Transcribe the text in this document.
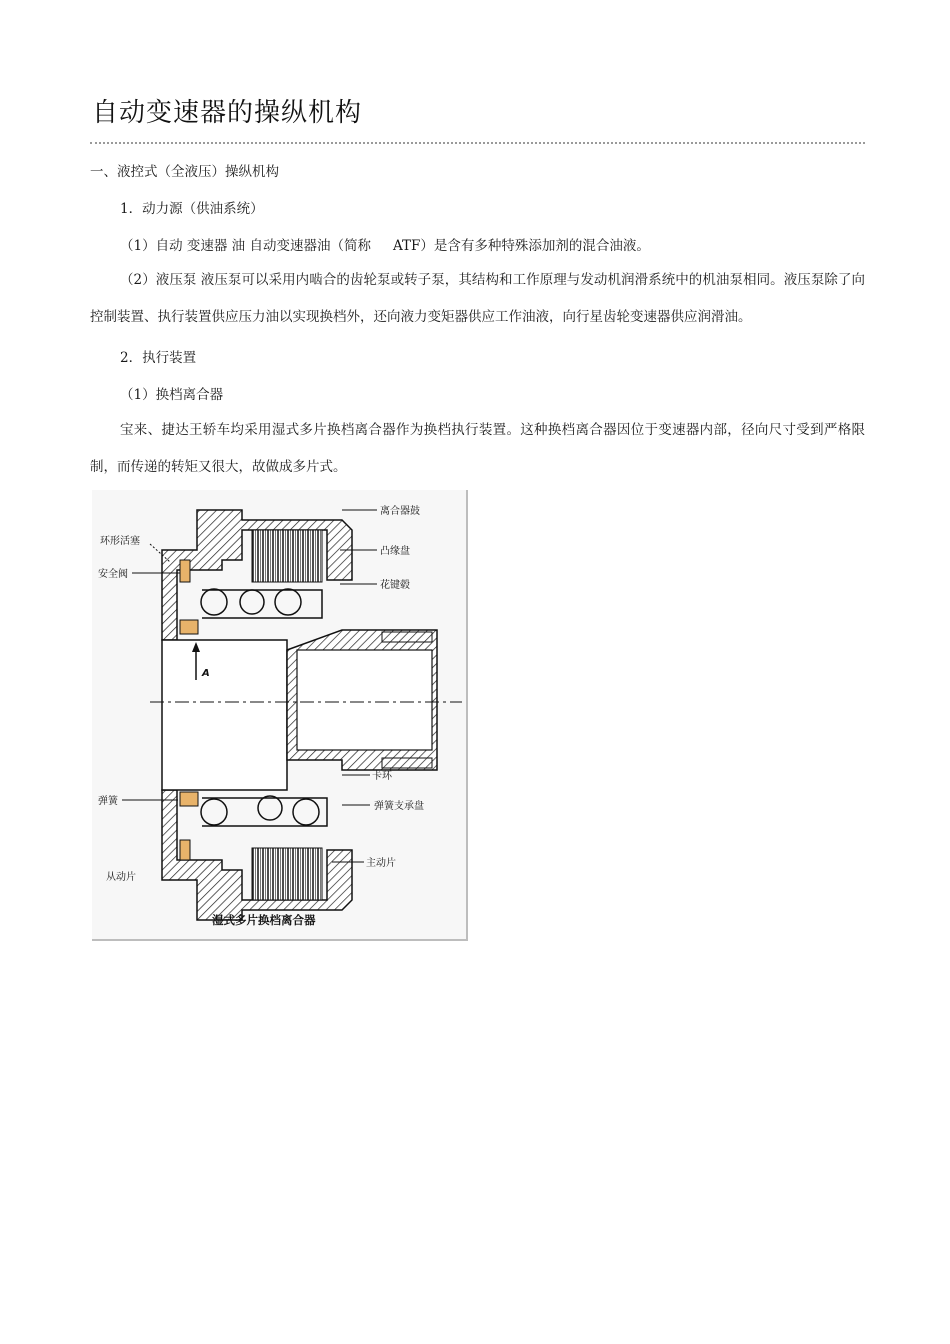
自动变速器的操纵机构

一、液控式（全液压）操纵机构

1．动力源（供油系统）

（1）自动 变速器 油 自动变速器油（简称 ATF）是含有多种特殊添加剂的混合油液。

（2）液压泵 液压泵可以采用内啮合的齿轮泵或转子泵，其结构和工作原理与发动机润滑系统中的机油泵相同。液压泵除了向控制装置、执行装置供应压力油以实现换档外，还向液力变矩器供应工作油液，向行星齿轮变速器供应润滑油。

2．执行装置

（1）换档离合器

宝来、捷达王轿车均采用湿式多片换档离合器作为换档执行装置。这种换档离合器因位于变速器内部，径向尺寸受到严格限制，而传递的转矩又很大，故做成多片式。

A
离合器鼓
凸缘盘
花键毂
环形活塞
安全阀
卡环
弹簧	弹簧支承盘
主动片
从动片
湿式多片换档离合器
